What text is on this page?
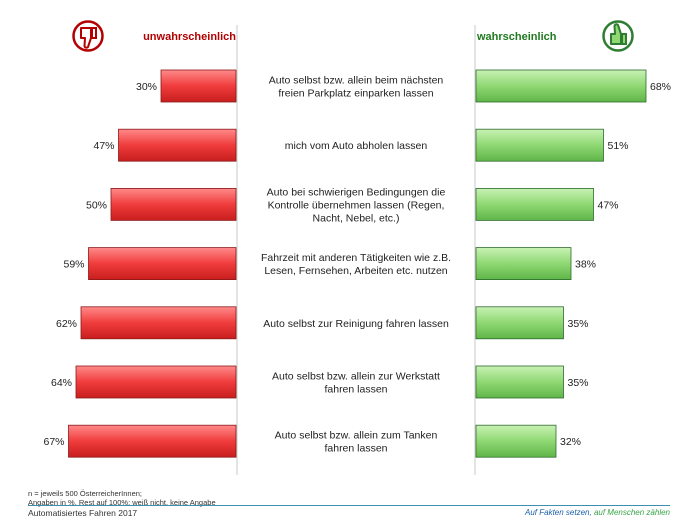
unwahrscheinlich	wahrscheinlich
30%	68%
Auto selbst bzw. allein beim nächsten freien Parkplatz einparken lassen
47%	51%
mich vom Auto abholen lassen
50%	47%
Auto bei schwierigen Bedingungen die Kontrolle übernehmen lassen (Regen, Nacht, Nebel, etc.)
59%	38%
Fahrzeit mit anderen Tätigkeiten wie z.B. Lesen, Fernsehen, Arbeiten etc. nutzen
62%	35%
Auto selbst zur Reinigung fahren lassen
64%	35%
Auto selbst bzw. allein zur Werkstatt fahren lassen
67%	32%
Auto selbst bzw. allein zum Tanken fahren lassen
n = jeweils 500 ÖsterreicherInnen;
Angaben in %, Rest auf 100%: weiß nicht, keine Angabe
Automatisiertes Fahren 2017	Auf Fakten setzen, auf Menschen zählen
